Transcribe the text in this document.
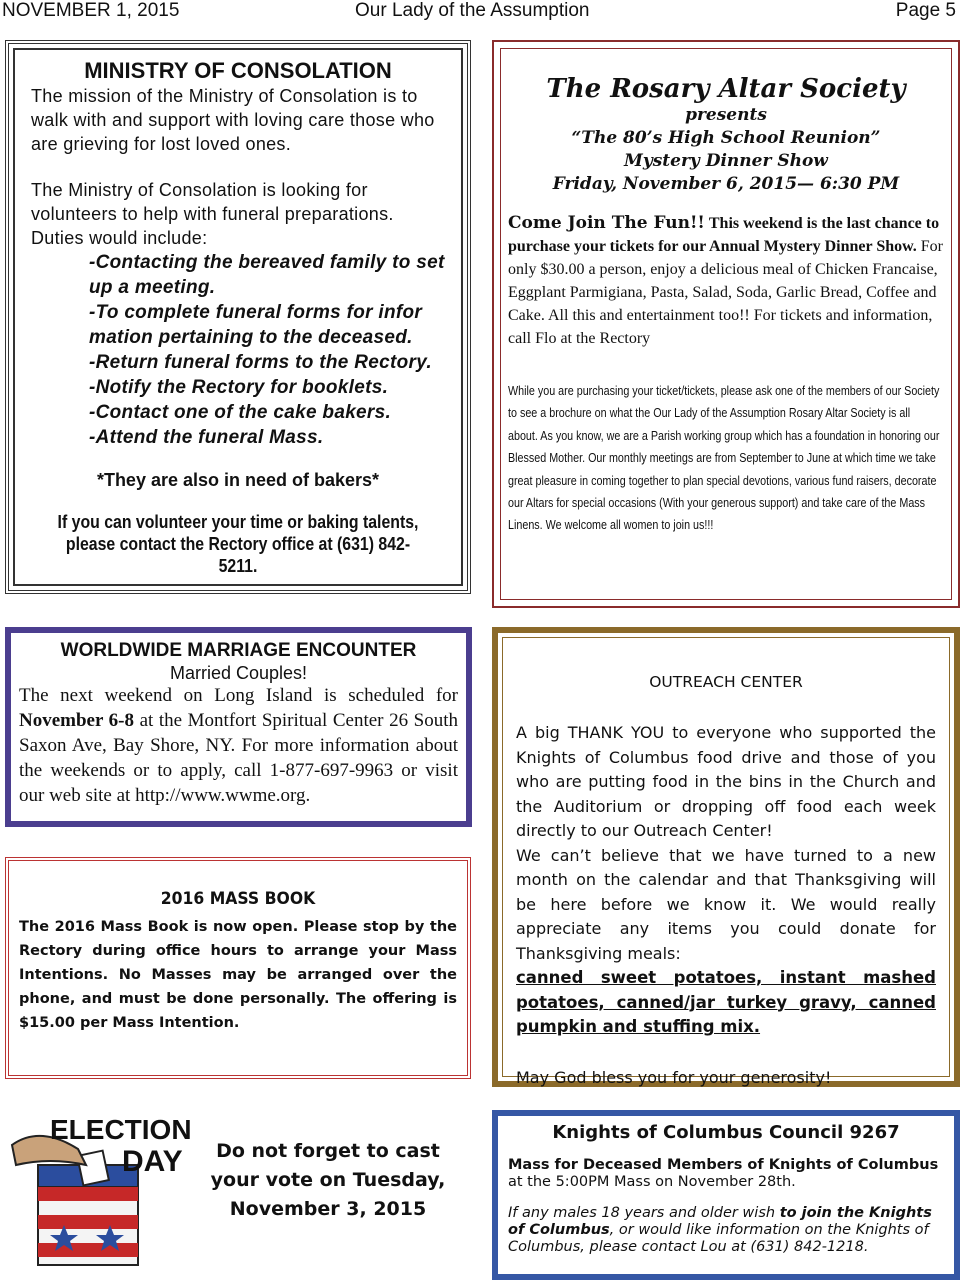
NOVEMBER 1, 2015	Our Lady of the Assumption	Page 5

MINISTRY OF CONSOLATION

The mission of the Ministry of Consolation is to walk with and support with loving care those who are grieving for lost loved ones.

The Ministry of Consolation is looking for volunteers to help with funeral preparations.

Duties would include:

-Contacting the bereaved family to set up a meeting.

-To complete funeral forms for infor mation pertaining to the deceased.

-Return funeral forms to the Rectory.

-Notify the Rectory for booklets.

-Contact one of the cake bakers.

-Attend the funeral Mass.

*They are also in need of bakers*

If you can volunteer your time or baking talents, please contact the Rectory office at (631) 842-5211.

The Rosary Altar Society

presents

“The 80’s High School Reunion”

Mystery Dinner Show

Friday, November 6, 2015— 6:30 PM

Come Join The Fun!! This weekend is the last chance to purchase your tickets for our Annual Mystery Dinner Show. For only $30.00 a person, enjoy a delicious meal of Chicken Francaise, Eggplant Parmigiana, Pasta, Salad, Soda, Garlic Bread, Coffee and Cake. All this and entertainment too!! For tickets and information, call Flo at the Rectory

While you are purchasing your ticket/tickets, please ask one of the members of our Society to see a brochure on what the Our Lady of the Assumption Rosary Altar Society is all about. As you know, we are a Parish working group which has a foundation in honoring our Blessed Mother. Our monthly meetings are from September to June at which time we take great pleasure in coming together to plan special devotions, various fund raisers, decorate our Altars for special occasions (With your generous support) and take care of the Mass Linens. We welcome all women to join us!!!

WORLDWIDE MARRIAGE ENCOUNTER

Married Couples!

The next weekend on Long Island is scheduled for November 6-8 at the Montfort Spiritual Center 26 South Saxon Ave, Bay Shore, NY. For more information about the weekends or to apply, call 1-877-697-9963 or visit our web site at http://www.wwme.org.

2016 MASS BOOK

The 2016 Mass Book is now open. Please stop by the Rectory during office hours to arrange your Mass Intentions. No Masses may be arranged over the phone, and must be done personally. The offering is $15.00 per Mass Intention.

OUTREACH CENTER

A big THANK YOU to everyone who supported the Knights of Columbus food drive and those of you who are putting food in the bins in the Church and the Auditorium or dropping off food each week directly to our Outreach Center!

We can’t believe that we have turned to a new month on the calendar and that Thanksgiving will be here before we know it. We would really appreciate any items you could donate for Thanksgiving meals:

canned sweet potatoes, instant mashed potatoes, canned/jar turkey gravy, canned pumpkin and stuffing mix.

May God bless you for your generosity!

ELECTION
DAY	Do not forget to cast your vote on Tuesday, November 3, 2015

Knights of Columbus Council 9267

Mass for Deceased Members of Knights of Columbus
at the 5:00PM Mass on November 28th.

If any males 18 years and older wish to join the Knights of Columbus, or would like information on the Knights of Columbus, please contact Lou at (631) 842-1218.
